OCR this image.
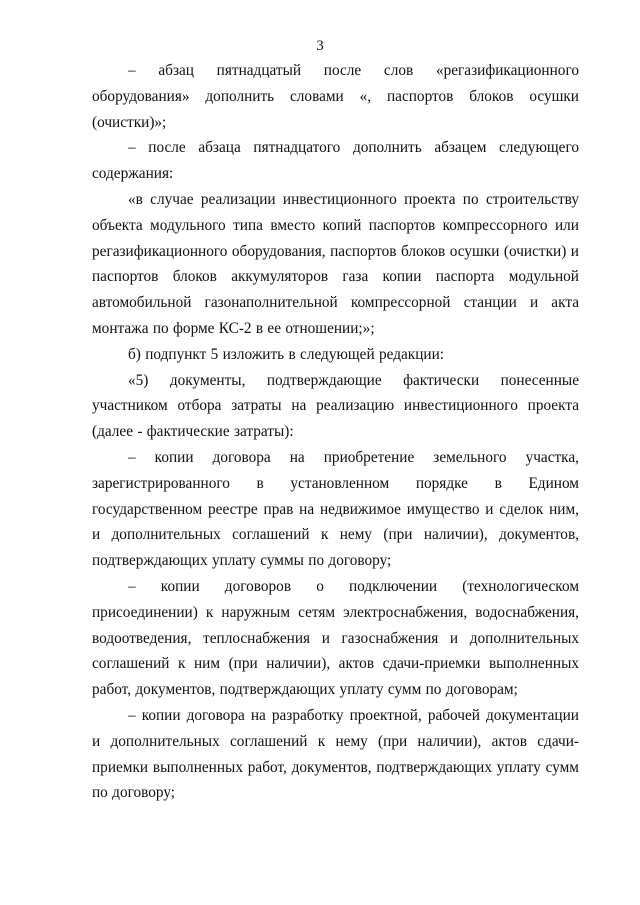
3

– абзац пятнадцатый после слов «регазификационного оборудования» дополнить словами «, паспортов блоков осушки (очистки)»;

– после абзаца пятнадцатого дополнить абзацем следующего содержания:

«в случае реализации инвестиционного проекта по строительству объекта модульного типа вместо копий паспортов компрессорного или регазификационного оборудования, паспортов блоков осушки (очистки) и паспортов блоков аккумуляторов газа копии паспорта модульной автомобильной газонаполнительной компрессорной станции и акта монтажа по форме КС-2 в ее отношении;»;

б) подпункт 5 изложить в следующей редакции:

«5) документы, подтверждающие фактически понесенные участником отбора затраты на реализацию инвестиционного проекта (далее - фактические затраты):

– копии договора на приобретение земельного участка, зарегистрированного в установленном порядке в Едином государственном реестре прав на недвижимое имущество и сделок ним, и дополнительных соглашений к нему (при наличии), документов, подтверждающих уплату суммы по договору;

– копии договоров о подключении (технологическом присоединении) к наружным сетям электроснабжения, водоснабжения, водоотведения, теплоснабжения и газоснабжения и дополнительных соглашений к ним (при наличии), актов сдачи-приемки выполненных работ, документов, подтверждающих уплату сумм по договорам;

– копии договора на разработку проектной, рабочей документации и дополнительных соглашений к нему (при наличии), актов сдачи-приемки выполненных работ, документов, подтверждающих уплату сумм по договору;
